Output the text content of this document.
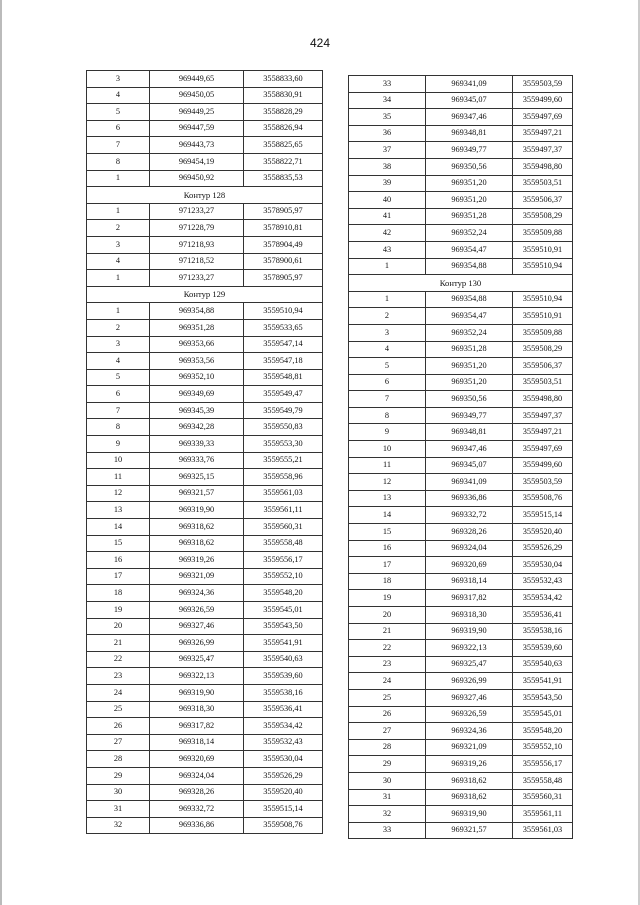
424
3	969449,65	3558833,60
4	969450,05	3558830,91
5	969449,25	3558828,29
6	969447,59	3558826,94
7	969443,73	3558825,65
8	969454,19	3558822,71
1	969450,92	3558835,53
Контур 128		
1	971233,27	3578905,97
2	971228,79	3578910,81
3	971218,93	3578904,49
4	971218,52	3578900,61
1	971233,27	3578905,97
Контур 129		
1	969354,88	3559510,94
2	969351,28	3559533,65
3	969353,66	3559547,14
4	969353,56	3559547,18
5	969352,10	3559548,81
6	969349,69	3559549,47
7	969345,39	3559549,79
8	969342,28	3559550,83
9	969339,33	3559553,30
10	969333,76	3559555,21
11	969325,15	3559558,96
12	969321,57	3559561,03
13	969319,90	3559561,11
14	969318,62	3559560,31
15	969318,62	3559558,48
16	969319,26	3559556,17
17	969321,09	3559552,10
18	969324,36	3559548,20
19	969326,59	3559545,01
20	969327,46	3559543,50
21	969326,99	3559541,91
22	969325,47	3559540,63
23	969322,13	3559539,60
24	969319,90	3559538,16
25	969318,30	3559536,41
26	969317,82	3559534,42
27	969318,14	3559532,43
28	969320,69	3559530,04
29	969324,04	3559526,29
30	969328,26	3559520,40
31	969332,72	3559515,14
32	969336,86	3559508,76
33	969341,09	3559503,59
34	969345,07	3559499,60
35	969347,46	3559497,69
36	969348,81	3559497,21
37	969349,77	3559497,37
38	969350,56	3559498,80
39	969351,20	3559503,51
40	969351,20	3559506,37
41	969351,28	3559508,29
42	969352,24	3559509,88
43	969354,47	3559510,91
1	969354,88	3559510,94
Контур 130		
1	969354,88	3559510,94
2	969354,47	3559510,91
3	969352,24	3559509,88
4	969351,28	3559508,29
5	969351,20	3559506,37
6	969351,20	3559503,51
7	969350,56	3559498,80
8	969349,77	3559497,37
9	969348,81	3559497,21
10	969347,46	3559497,69
11	969345,07	3559499,60
12	969341,09	3559503,59
13	969336,86	3559508,76
14	969332,72	3559515,14
15	969328,26	3559520,40
16	969324,04	3559526,29
17	969320,69	3559530,04
18	969318,14	3559532,43
19	969317,82	3559534,42
20	969318,30	3559536,41
21	969319,90	3559538,16
22	969322,13	3559539,60
23	969325,47	3559540,63
24	969326,99	3559541,91
25	969327,46	3559543,50
26	969326,59	3559545,01
27	969324,36	3559548,20
28	969321,09	3559552,10
29	969319,26	3559556,17
30	969318,62	3559558,48
31	969318,62	3559560,31
32	969319,90	3559561,11
33	969321,57	3559561,03
